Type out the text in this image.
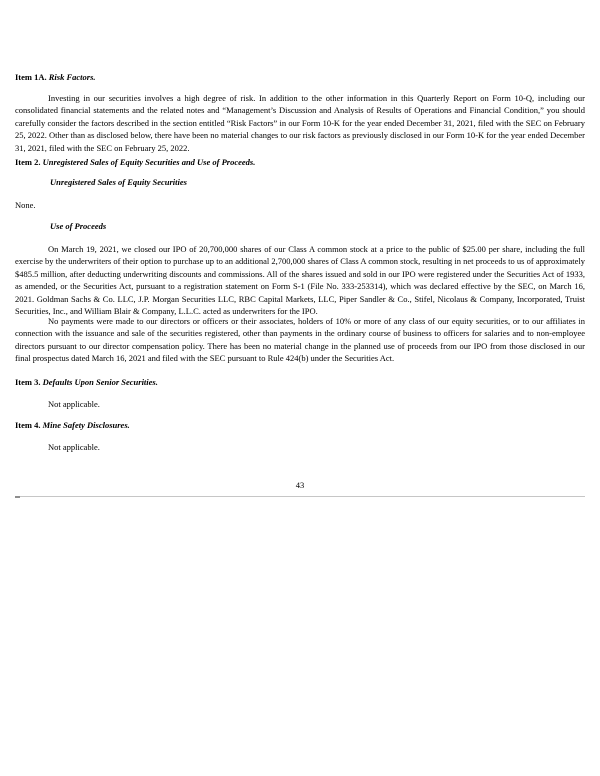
Item 1A. Risk Factors.
Investing in our securities involves a high degree of risk. In addition to the other information in this Quarterly Report on Form 10-Q, including our consolidated financial statements and the related notes and “Management’s Discussion and Analysis of Results of Operations and Financial Condition,” you should carefully consider the factors described in the section entitled “Risk Factors” in our Form 10-K for the year ended December 31, 2021, filed with the SEC on February 25, 2022. Other than as disclosed below, there have been no material changes to our risk factors as previously disclosed in our Form 10-K for the year ended December 31, 2021, filed with the SEC on February 25, 2022.
Item 2. Unregistered Sales of Equity Securities and Use of Proceeds.
Unregistered Sales of Equity Securities
None.
Use of Proceeds
On March 19, 2021, we closed our IPO of 20,700,000 shares of our Class A common stock at a price to the public of $25.00 per share, including the full exercise by the underwriters of their option to purchase up to an additional 2,700,000 shares of Class A common stock, resulting in net proceeds to us of approximately $485.5 million, after deducting underwriting discounts and commissions. All of the shares issued and sold in our IPO were registered under the Securities Act of 1933, as amended, or the Securities Act, pursuant to a registration statement on Form S-1 (File No. 333-253314), which was declared effective by the SEC, on March 16, 2021. Goldman Sachs & Co. LLC, J.P. Morgan Securities LLC, RBC Capital Markets, LLC, Piper Sandler & Co., Stifel, Nicolaus & Company, Incorporated, Truist Securities, Inc., and William Blair & Company, L.L.C. acted as underwriters for the IPO.
No payments were made to our directors or officers or their associates, holders of 10% or more of any class of our equity securities, or to our affiliates in connection with the issuance and sale of the securities registered, other than payments in the ordinary course of business to officers for salaries and to non-employee directors pursuant to our director compensation policy. There has been no material change in the planned use of proceeds from our IPO from those disclosed in our final prospectus dated March 16, 2021 and filed with the SEC pursuant to Rule 424(b) under the Securities Act.
Item 3. Defaults Upon Senior Securities.
Not applicable.
Item 4. Mine Safety Disclosures.
Not applicable.
43
